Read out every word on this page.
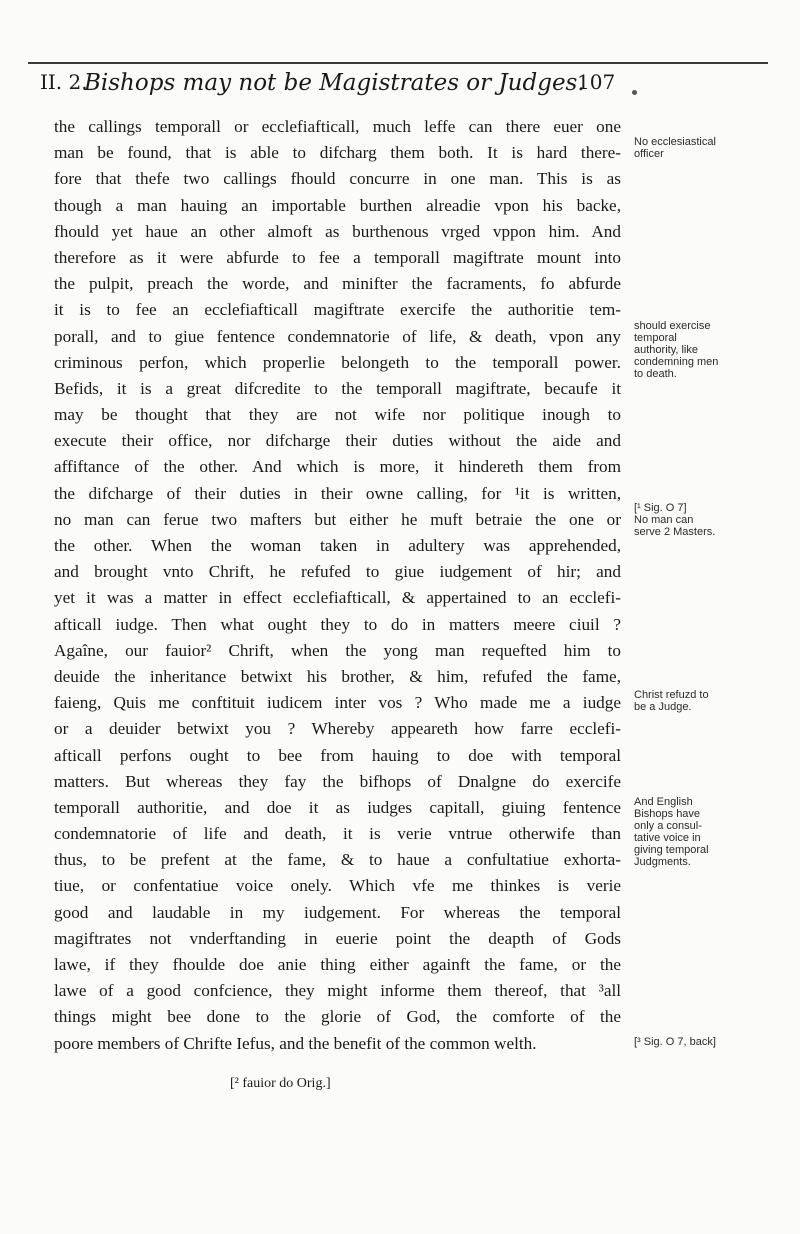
II. 2.
Bishops may not be Magistrates or Judges.
107
the callings temporall or ecclefiafticall, much leffe can there euer one
man be found, that is able to difcharg them both. It is hard there-
fore that thefe two callings fhould concurre in one man. This is as
though a man hauing an importable burthen alreadie vpon his backe,
fhould yet haue an other almoft as burthenous vrged vppon him. And
therefore as it were abfurde to fee a temporall magiftrate mount into
the pulpit, preach the worde, and minifter the facraments, fo abfurde
it is to fee an ecclefiafticall magiftrate exercife the authoritie tem-
porall, and to giue fentence condemnatorie of life, & death, vpon any
criminous perfon, which properlie belongeth to the temporall power.
Befids, it is a great difcredite to the temporall magiftrate, becaufe it
may be thought that they are not wife nor politique inough to
execute their office, nor difcharge their duties without the aide and
affiftance of the other. And which is more, it hindereth them from
the difcharge of their duties in their owne calling, for ¹it is written,
no man can ferue two mafters but either he muft betraie the one or
the other. When the woman taken in adultery was apprehended,
and brought vnto Chrift, he refufed to giue iudgement of hir; and
yet it was a matter in effect ecclefiafticall, & appertained to an ecclefi-
afticall iudge. Then what ought they to do in matters meere ciuil ?
Agaîne, our fauior² Chrift, when the yong man requefted him to
deuide the inheritance betwixt his brother, & him, refufed the fame,
faieng, Quis me conftituit iudicem inter vos ? Who made me a iudge
or a deuider betwixt you ? Whereby appeareth how farre ecclefi-
afticall perfons ought to bee from hauing to doe with temporal
matters. But whereas they fay the bifhops of Dnalgne do exercife
temporall authoritie, and doe it as iudges capitall, giuing fentence
condemnatorie of life and death, it is verie vntrue otherwife than
thus, to be prefent at the fame, & to haue a confultatiue exhorta-
tiue, or confentatiue voice onely. Which vfe me thinkes is verie
good and laudable in my iudgement. For whereas the temporal
magiftrates not vnderftanding in euerie point the deapth of Gods
lawe, if they fhoulde doe anie thing either againft the fame, or the
lawe of a good confcience, they might informe them thereof, that ³all
things might bee done to the glorie of God, the comforte of the
poore members of Chrifte Iefus, and the benefit of the common welth.
[² fauior do Orig.]
No ecclesiastical
officer
should exercise
temporal
authority, like
condemning men
to death.
[¹ Sig. O 7]
No man can
serve 2 Masters.
Christ refuzd to
be a Judge.
And English
Bishops have
only a consul-
tative voice in
giving temporal
Judgments.
[³ Sig. O 7, back]
